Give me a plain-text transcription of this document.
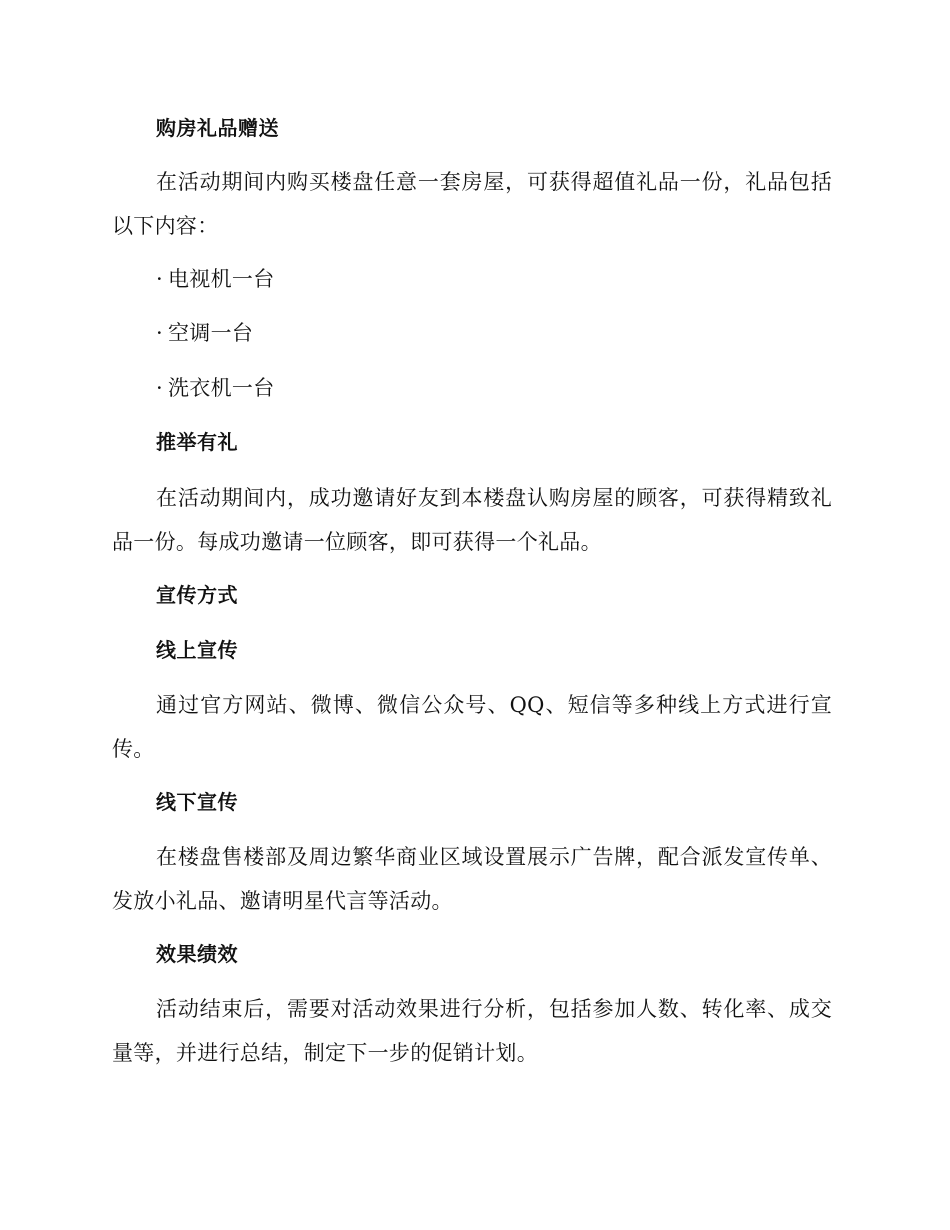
购房礼品赠送

在活动期间内购买楼盘任意一套房屋，可获得超值礼品一份，礼品包括以下内容：

· 电视机一台

· 空调一台

· 洗衣机一台

推举有礼

在活动期间内，成功邀请好友到本楼盘认购房屋的顾客，可获得精致礼品一份。每成功邀请一位顾客，即可获得一个礼品。

宣传方式
线上宣传

通过官方网站、微博、微信公众号、QQ、短信等多种线上方式进行宣传。

线下宣传

在楼盘售楼部及周边繁华商业区域设置展示广告牌，配合派发宣传单、发放小礼品、邀请明星代言等活动。

效果绩效

活动结束后，需要对活动效果进行分析，包括参加人数、转化率、成交量等，并进行总结，制定下一步的促销计划。
